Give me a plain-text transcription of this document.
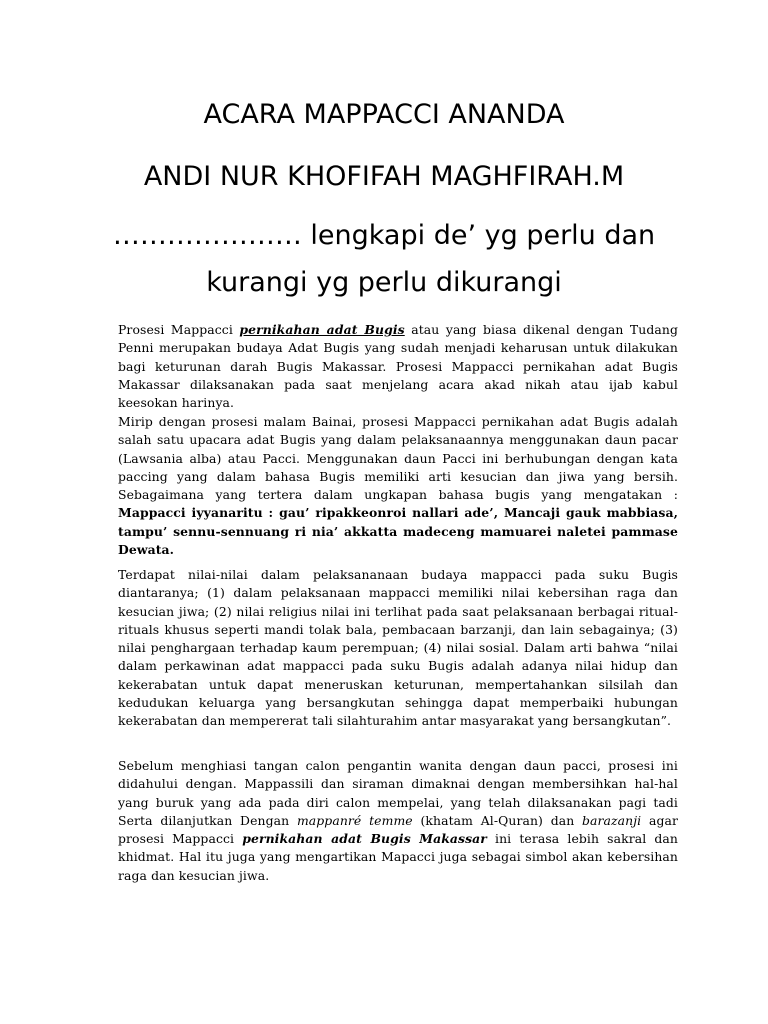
ACARA MAPPACCI ANANDA
ANDI NUR KHOFIFAH MAGHFIRAH.M
………………… lengkapi de’ yg perlu dan
kurangi yg perlu dikurangi
Prosesi Mappacci pernikahan adat Bugis atau yang biasa dikenal dengan Tudang Penni merupakan budaya Adat Bugis yang sudah menjadi keharusan untuk dilakukan bagi keturunan darah Bugis Makassar. Prosesi Mappacci pernikahan adat Bugis Makassar dilaksanakan pada saat menjelang acara akad nikah atau ijab kabul keesokan harinya.
Mirip dengan prosesi malam Bainai, prosesi Mappacci pernikahan adat Bugis adalah salah satu upacara adat Bugis yang dalam pelaksanaannya menggunakan daun pacar (Lawsania alba) atau Pacci. Menggunakan daun Pacci ini berhubungan dengan kata paccing yang dalam bahasa Bugis memiliki arti kesucian dan jiwa yang bersih. Sebagaimana yang tertera dalam ungkapan bahasa bugis yang mengatakan : Mappacci iyyanaritu : gau’ ripakkeonroi nallari ade’, Mancaji gauk mabbiasa, tampu’ sennu-sennuang ri nia’ akkatta madeceng mamuarei naletei pammase Dewata.
Terdapat nilai-nilai dalam pelaksananaan budaya mappacci pada suku Bugis diantaranya; (1) dalam pelaksanaan mappacci memiliki nilai kebersihan raga dan kesucian jiwa; (2) nilai religius nilai ini terlihat pada saat pelaksanaan berbagai ritual-rituals khusus seperti mandi tolak bala, pembacaan barzanji, dan lain sebagainya; (3) nilai penghargaan terhadap kaum perempuan; (4) nilai sosial. Dalam arti bahwa “nilai dalam perkawinan adat mappacci pada suku Bugis adalah adanya nilai hidup dan kekerabatan untuk dapat meneruskan keturunan, mempertahankan silsilah dan kedudukan keluarga yang bersangkutan sehingga dapat memperbaiki hubungan kekerabatan dan mempererat tali silahturahim antar masyarakat yang bersangkutan”.
Sebelum menghiasi tangan calon pengantin wanita dengan daun pacci, prosesi ini didahului dengan. Mappassili dan siraman dimaknai dengan membersihkan hal-hal yang buruk yang ada pada diri calon mempelai, yang telah dilaksanakan pagi tadi Serta dilanjutkan Dengan mappanré temme (khatam Al-Quran) dan barazanji agar prosesi Mappacci pernikahan adat Bugis Makassar ini terasa lebih sakral dan khidmat. Hal itu juga yang mengartikan Mapacci juga sebagai simbol akan kebersihan raga dan kesucian jiwa.
